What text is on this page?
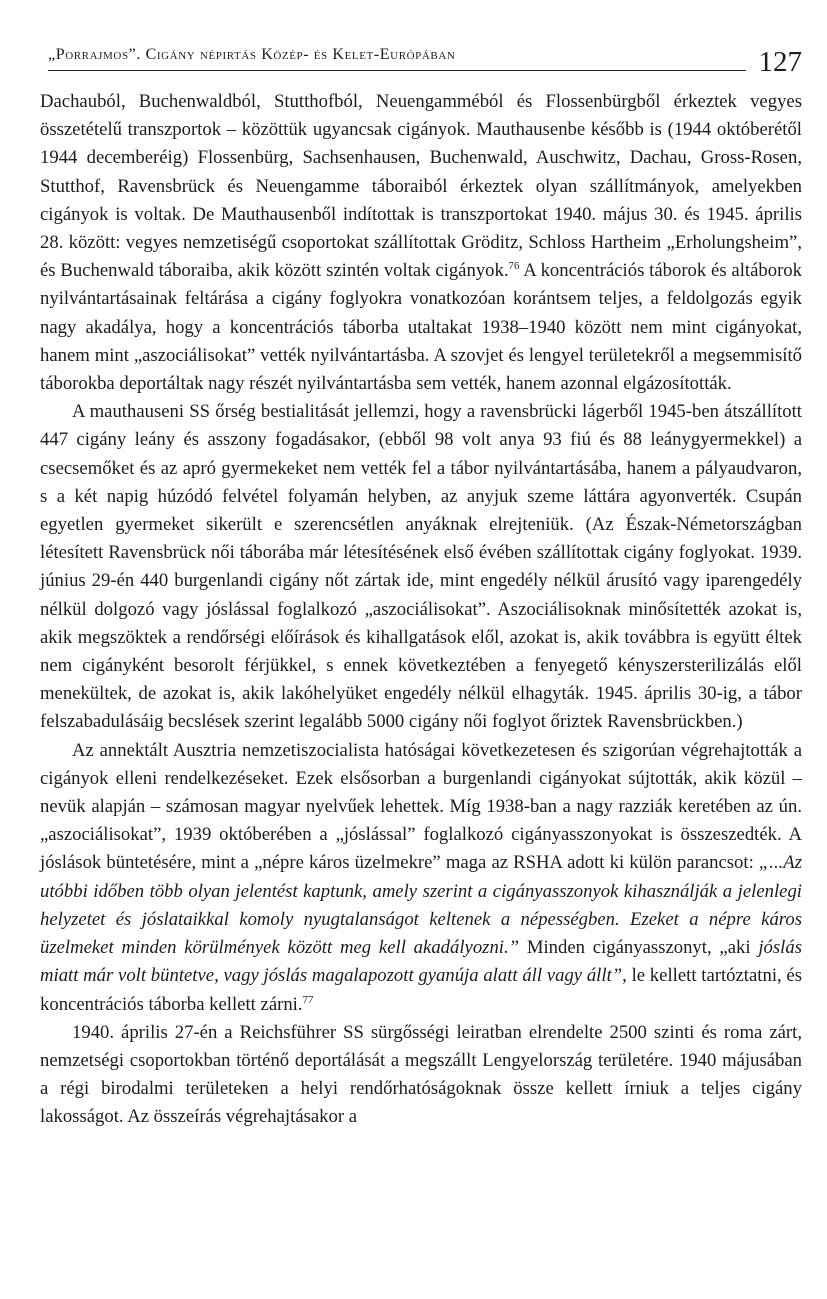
„Porrajmos”. Cigány népirtás Közép- és Kelet-Európában	127

Dachauból, Buchenwaldból, Stutthofból, Neuengamméból és Flossenbürgből érkeztek vegyes összetételű transzportok – közöttük ugyancsak cigányok. Mauthausenbe később is (1944 októberétől 1944 decemberéig) Flossenbürg, Sachsenhausen, Buchenwald, Auschwitz, Dachau, Gross-Rosen, Stutthof, Ravensbrück és Neuengamme táboraiból érkeztek olyan szállítmányok, amelyekben cigányok is voltak. De Mauthausenből indítottak is transzportokat 1940. május 30. és 1945. április 28. között: vegyes nemzetiségű csoportokat szállítottak Gröditz, Schloss Hartheim „Erholungsheim”, és Buchenwald táboraiba, akik között szintén voltak cigányok.$^{76}$ A koncentrációs táborok és altáborok nyilvántartásainak feltárása a cigány foglyokra vonatkozóan korántsem teljes, a feldolgozás egyik nagy akadálya, hogy a koncentrációs táborba utaltakat 1938–1940 között nem mint cigányokat, hanem mint „aszociálisokat” vették nyilvántartásba. A szovjet és lengyel területekről a megsemmisítő táborokba deportáltak nagy részét nyilvántartásba sem vették, hanem azonnal elgázosították.

A mauthauseni SS őrség bestialitását jellemzi, hogy a ravensbrücki lágerből 1945-ben átszállított 447 cigány leány és asszony fogadásakor, (ebből 98 volt anya 93 fiú és 88 leánygyermekkel) a csecsemőket és az apró gyermekeket nem vették fel a tábor nyilvántartásába, hanem a pályaudvaron, s a két napig húzódó felvétel folyamán helyben, az anyjuk szeme láttára agyonverték. Csupán egyetlen gyermeket sikerült e szerencsétlen anyáknak elrejteniük. (Az Észak-Németországban létesített Ravensbrück női táborába már létesítésének első évében szállítottak cigány foglyokat. 1939. június 29-én 440 burgenlandi cigány nőt zártak ide, mint engedély nélkül árusító vagy iparengedély nélkül dolgozó vagy jóslással foglalkozó „aszociálisokat”. Aszociálisoknak minősítették azokat is, akik megszöktek a rendőrségi előírások és kihallgatások elől, azokat is, akik továbbra is együtt éltek nem cigányként besorolt férjükkel, s ennek következtében a fenyegető kényszersterilizálás elől menekültek, de azokat is, akik lakóhelyüket engedély nélkül elhagyták. 1945. április 30-ig, a tábor felszabadulásáig becslések szerint legalább 5000 cigány női foglyot őriztek Ravensbrückben.)

Az annektált Ausztria nemzetiszocialista hatóságai következetesen és szigorúan végrehajtották a cigányok elleni rendelkezéseket. Ezek elsősorban a burgenlandi cigányokat sújtották, akik közül – nevük alapján – számosan magyar nyelvűek lehettek. Míg 1938-ban a nagy razziák keretében az ún. „aszociálisokat”, 1939 októberében a „jóslással” foglalkozó cigányasszonyokat is összeszedték. A jóslások büntetésére, mint a „népre káros üzelmekre” maga az RSHA adott ki külön parancsot: „...Az utóbbi időben több olyan jelentést kaptunk, amely szerint a cigányasszonyok kihasználják a jelenlegi helyzetet és jóslataikkal komoly nyugtalanságot keltenek a népességben. Ezeket a népre káros üzelmeket minden körülmények között meg kell akadályozni.” Minden cigányasszonyt, „aki jóslás miatt már volt büntetve, vagy jóslás magalapozott gyanúja alatt áll vagy állt”, le kellett tartóztatni, és koncentrációs táborba kellett zárni.$^{77}$

1940. április 27-én a Reichsführer SS sürgősségi leiratban elrendelte 2500 szinti és roma zárt, nemzetségi csoportokban történő deportálását a megszállt Lengyelország területére. 1940 májusában a régi birodalmi területeken a helyi rendőrhatóságoknak össze kellett írniuk a teljes cigány lakosságot. Az összeírás végrehajtásakor a
